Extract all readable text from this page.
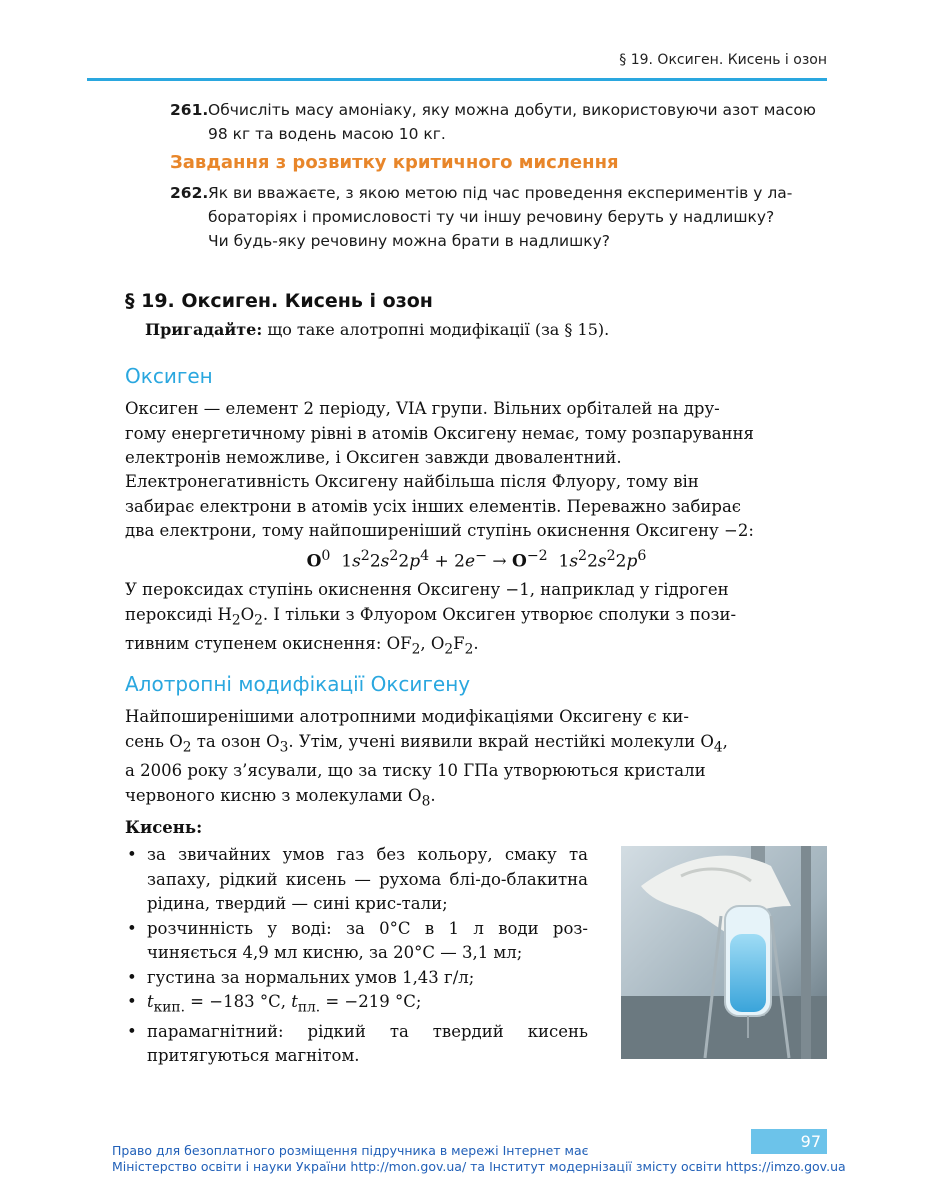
§ 19. Оксиген. Кисень і озон
261. Обчисліть масу амоніаку, яку можна добути, використовуючи азот масою
98 кг та водень масою 10 кг.
Завдання з розвитку критичного мислення
262. Як ви вважаєте, з якою метою під час проведення експериментів у ла-
бораторіях і промисловості ту чи іншу речовину беруть у надлишку?
Чи будь-яку речовину можна брати в надлишку?
§ 19. Оксиген. Кисень і озон
Пригадайте: що таке алотропні модифікації (за § 15).
Оксиген
Оксиген — елемент 2 періоду, VIA групи. Вільних орбіталей на дру-
гому енергетичному рівні в атомів Оксигену немає, тому розпарування
електронів неможливе, і Оксиген завжди двовалентний.
Електронегативність Оксигену найбільша після Флуору, тому він
забирає електрони в атомів усіх інших елементів. Переважно забирає
два електрони, тому найпоширеніший ступінь окиснення Оксигену −2:
$O^0$  $1s^22s^22p^4 + 2e^- \to O^{-2}$  $1s^22s^22p^6$
У пероксидах ступінь окиснення Оксигену −1, наприклад у гідроген
пероксиді $H_2O_2$. І тільки з Флуором Оксиген утворює сполуки з пози-
тивним ступенем окиснення: $OF_2$, $O_2F_2$.
Алотропні модифікації Оксигену
Найпоширенішими алотропними модифікаціями Оксигену є ки-
сень $O_2$ та озон $O_3$. Утім, учені виявили вкрай нестійкі молекули $O_4$,
а 2006 року з’ясували, що за тиску 10 ГПа утворюються кристали
червоного кисню з молекулами $O_8$.
Кисень:
• за звичайних умов газ без кольору, смаку та запаху, рідкий кисень — рухома блі-до-блакитна рідина, твердий — сині крис-тали;
• розчинність у воді: за 0°С в 1 л води роз-чиняється 4,9 мл кисню, за 20°С — 3,1 мл;
• густина за нормальних умов 1,43 г/л;
• $t_{кип.} = -183$ °С, $t_{пл.} = -219$ °С;
• парамагнітний: рідкий та твердий кисень притягуються магнітом.
97
Право для безоплатного розміщення підручника в мережі Інтернет має
Міністерство освіти і науки України http://mon.gov.ua/ та Інститут модернізації змісту освіти https://imzo.gov.ua
